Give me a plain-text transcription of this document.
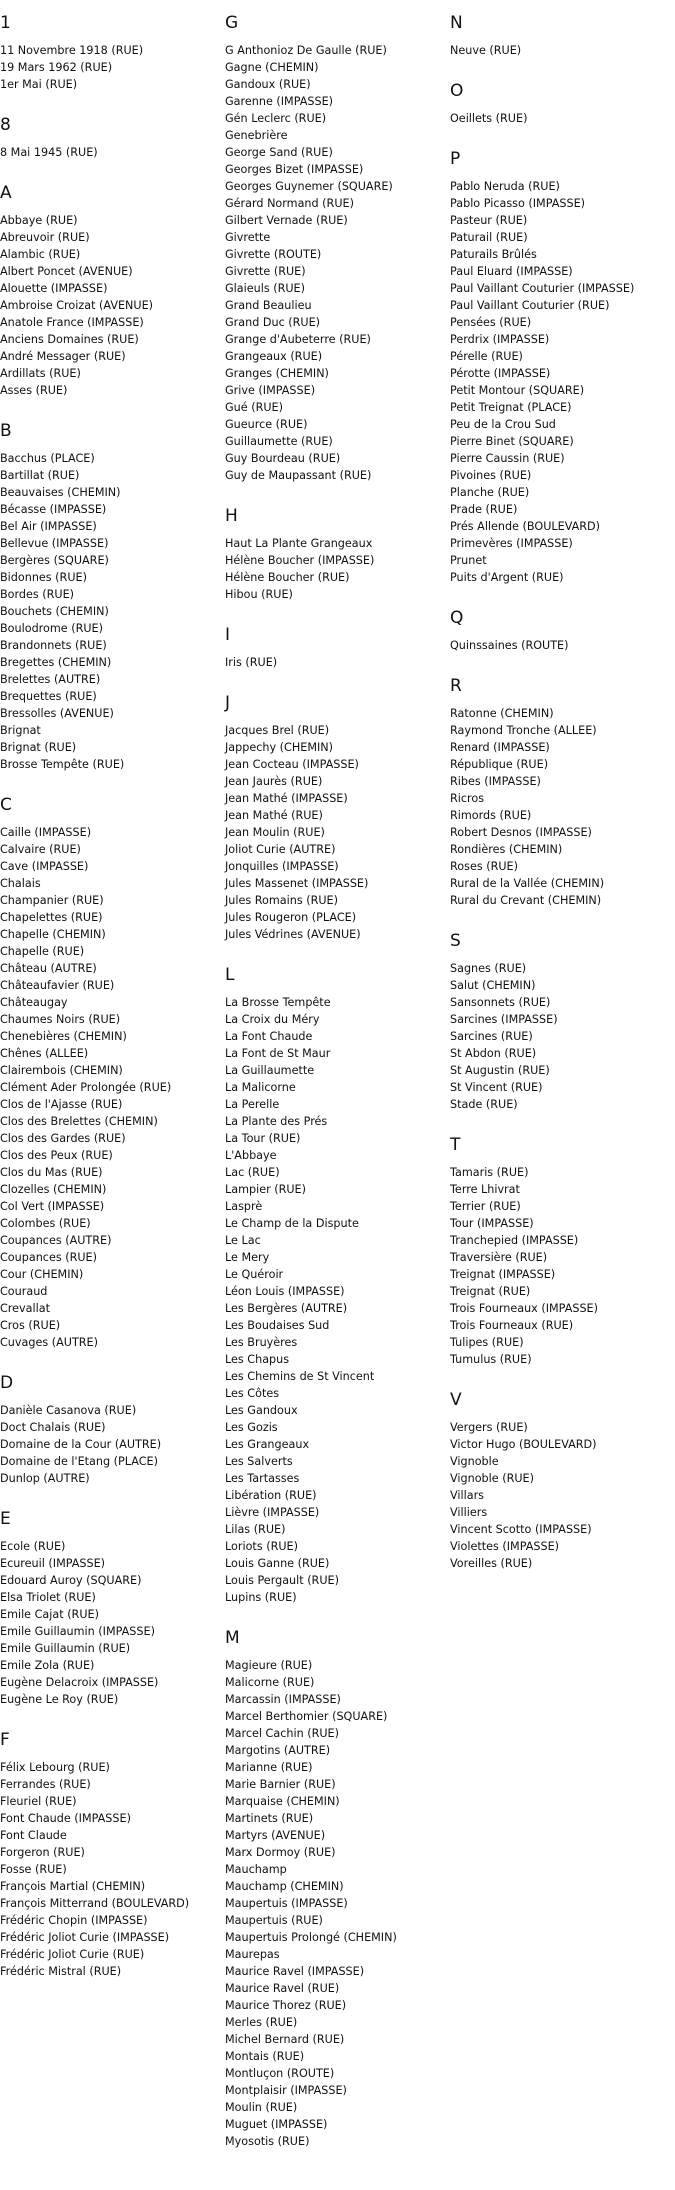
1
11 Novembre 1918 (RUE)
19 Mars 1962 (RUE)
1er Mai (RUE)
8
8 Mai 1945 (RUE)
A
Abbaye (RUE)
Abreuvoir (RUE)
Alambic (RUE)
Albert Poncet (AVENUE)
Alouette (IMPASSE)
Ambroise Croizat (AVENUE)
Anatole France (IMPASSE)
Anciens Domaines (RUE)
André Messager (RUE)
Ardillats (RUE)
Asses (RUE)
B
Bacchus (PLACE)
Bartillat (RUE)
Beauvaises (CHEMIN)
Bécasse (IMPASSE)
Bel Air (IMPASSE)
Bellevue (IMPASSE)
Bergères (SQUARE)
Bidonnes (RUE)
Bordes (RUE)
Bouchets (CHEMIN)
Boulodrome (RUE)
Brandonnets (RUE)
Bregettes (CHEMIN)
Brelettes (AUTRE)
Brequettes (RUE)
Bressolles (AVENUE)
Brignat
Brignat (RUE)
Brosse Tempête (RUE)
C
Caille (IMPASSE)
Calvaire (RUE)
Cave (IMPASSE)
Chalais
Champanier (RUE)
Chapelettes (RUE)
Chapelle (CHEMIN)
Chapelle (RUE)
Château (AUTRE)
Châteaufavier (RUE)
Châteaugay
Chaumes Noirs (RUE)
Chenebières (CHEMIN)
Chênes (ALLEE)
Clairembois (CHEMIN)
Clément Ader Prolongée (RUE)
Clos de l'Ajasse (RUE)
Clos des Brelettes (CHEMIN)
Clos des Gardes (RUE)
Clos des Peux (RUE)
Clos du Mas (RUE)
Clozelles (CHEMIN)
Col Vert (IMPASSE)
Colombes (RUE)
Coupances (AUTRE)
Coupances (RUE)
Cour (CHEMIN)
Couraud
Crevallat
Cros (RUE)
Cuvages (AUTRE)
D
Danièle Casanova (RUE)
Doct Chalais (RUE)
Domaine de la Cour (AUTRE)
Domaine de l'Etang (PLACE)
Dunlop (AUTRE)
E
Ecole (RUE)
Ecureuil (IMPASSE)
Edouard Auroy (SQUARE)
Elsa Triolet (RUE)
Emile Cajat (RUE)
Emile Guillaumin (IMPASSE)
Emile Guillaumin (RUE)
Emile Zola (RUE)
Eugène Delacroix (IMPASSE)
Eugène Le Roy (RUE)
F
Félix Lebourg (RUE)
Ferrandes (RUE)
Fleuriel (RUE)
Font Chaude (IMPASSE)
Font Claude
Forgeron (RUE)
Fosse (RUE)
François Martial (CHEMIN)
François Mitterrand (BOULEVARD)
Frédéric Chopin (IMPASSE)
Frédéric Joliot Curie (IMPASSE)
Frédéric Joliot Curie (RUE)
Frédéric Mistral (RUE)
G
G Anthonioz De Gaulle (RUE)
Gagne (CHEMIN)
Gandoux (RUE)
Garenne (IMPASSE)
Gén Leclerc (RUE)
Genebrière
George Sand (RUE)
Georges Bizet (IMPASSE)
Georges Guynemer (SQUARE)
Gérard Normand (RUE)
Gilbert Vernade (RUE)
Givrette
Givrette (ROUTE)
Givrette (RUE)
Glaieuls (RUE)
Grand Beaulieu
Grand Duc (RUE)
Grange d'Aubeterre (RUE)
Grangeaux (RUE)
Granges (CHEMIN)
Grive (IMPASSE)
Gué (RUE)
Gueurce (RUE)
Guillaumette (RUE)
Guy Bourdeau (RUE)
Guy de Maupassant (RUE)
H
Haut La Plante Grangeaux
Hélène Boucher (IMPASSE)
Hélène Boucher (RUE)
Hibou (RUE)
I
Iris (RUE)
J
Jacques Brel (RUE)
Jappechy (CHEMIN)
Jean Cocteau (IMPASSE)
Jean Jaurès (RUE)
Jean Mathé (IMPASSE)
Jean Mathé (RUE)
Jean Moulin (RUE)
Joliot Curie (AUTRE)
Jonquilles (IMPASSE)
Jules Massenet (IMPASSE)
Jules Romains (RUE)
Jules Rougeron (PLACE)
Jules Védrines (AVENUE)
L
La Brosse Tempête
La Croix du Méry
La Font Chaude
La Font de St Maur
La Guillaumette
La Malicorne
La Perelle
La Plante des Prés
La Tour (RUE)
L'Abbaye
Lac (RUE)
Lampier (RUE)
Lasprè
Le Champ de la Dispute
Le Lac
Le Mery
Le Quéroir
Léon Louis (IMPASSE)
Les Bergères (AUTRE)
Les Boudaises Sud
Les Bruyères
Les Chapus
Les Chemins de St Vincent
Les Côtes
Les Gandoux
Les Gozis
Les Grangeaux
Les Salverts
Les Tartasses
Libération (RUE)
Lièvre (IMPASSE)
Lilas (RUE)
Loriots (RUE)
Louis Ganne (RUE)
Louis Pergault (RUE)
Lupins (RUE)
M
Magieure (RUE)
Malicorne (RUE)
Marcassin (IMPASSE)
Marcel Berthomier (SQUARE)
Marcel Cachin (RUE)
Margotins (AUTRE)
Marianne (RUE)
Marie Barnier (RUE)
Marquaise (CHEMIN)
Martinets (RUE)
Martyrs (AVENUE)
Marx Dormoy (RUE)
Mauchamp
Mauchamp (CHEMIN)
Maupertuis (IMPASSE)
Maupertuis (RUE)
Maupertuis Prolongé (CHEMIN)
Maurepas
Maurice Ravel (IMPASSE)
Maurice Ravel (RUE)
Maurice Thorez (RUE)
Merles (RUE)
Michel Bernard (RUE)
Montais (RUE)
Montluçon (ROUTE)
Montplaisir (IMPASSE)
Moulin (RUE)
Muguet (IMPASSE)
Myosotis (RUE)
N
Neuve (RUE)
O
Oeillets (RUE)
P
Pablo Neruda (RUE)
Pablo Picasso (IMPASSE)
Pasteur (RUE)
Paturail (RUE)
Paturails Brûlés
Paul Eluard (IMPASSE)
Paul Vaillant Couturier (IMPASSE)
Paul Vaillant Couturier (RUE)
Pensées (RUE)
Perdrix (IMPASSE)
Pérelle (RUE)
Pérotte (IMPASSE)
Petit Montour (SQUARE)
Petit Treignat (PLACE)
Peu de la Crou Sud
Pierre Binet (SQUARE)
Pierre Caussin (RUE)
Pivoines (RUE)
Planche (RUE)
Prade (RUE)
Prés Allende (BOULEVARD)
Primevères (IMPASSE)
Prunet
Puits d'Argent (RUE)
Q
Quinssaines (ROUTE)
R
Ratonne (CHEMIN)
Raymond Tronche (ALLEE)
Renard (IMPASSE)
République (RUE)
Ribes (IMPASSE)
Ricros
Rimords (RUE)
Robert Desnos (IMPASSE)
Rondières (CHEMIN)
Roses (RUE)
Rural de la Vallée (CHEMIN)
Rural du Crevant (CHEMIN)
S
Sagnes (RUE)
Salut (CHEMIN)
Sansonnets (RUE)
Sarcines (IMPASSE)
Sarcines (RUE)
St Abdon (RUE)
St Augustin (RUE)
St Vincent (RUE)
Stade (RUE)
T
Tamaris (RUE)
Terre Lhivrat
Terrier (RUE)
Tour (IMPASSE)
Tranchepied (IMPASSE)
Traversière (RUE)
Treignat (IMPASSE)
Treignat (RUE)
Trois Fourneaux (IMPASSE)
Trois Fourneaux (RUE)
Tulipes (RUE)
Tumulus (RUE)
V
Vergers (RUE)
Victor Hugo (BOULEVARD)
Vignoble
Vignoble (RUE)
Villars
Villiers
Vincent Scotto (IMPASSE)
Violettes (IMPASSE)
Voreilles (RUE)
